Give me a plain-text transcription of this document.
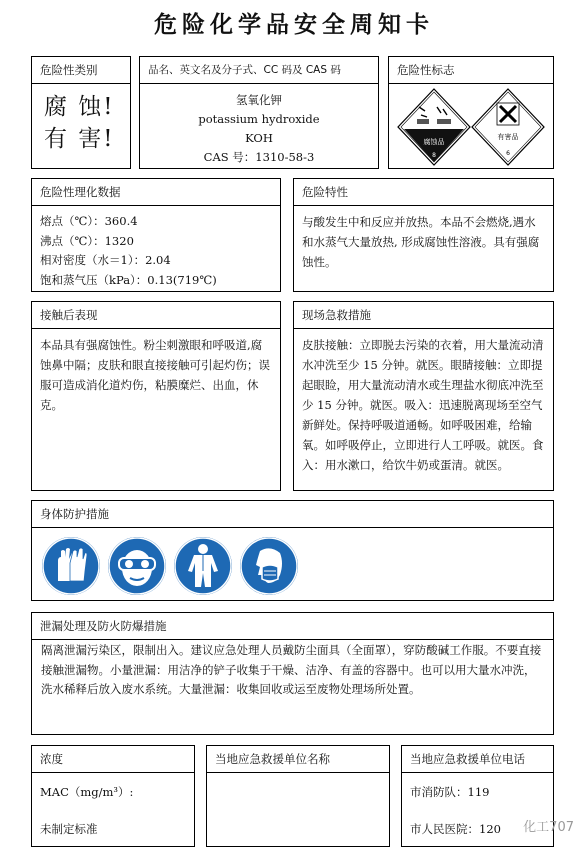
危险化学品安全周知卡
危险性类别
腐 蚀!
有 害!
品名、英文名及分子式、CC 码及 CAS 码
氢氧化钾
potassium hydroxide
KOH
CAS 号：1310-58-3
危险性标志
腐蚀品
8
有害品
6
危险性理化数据
熔点（℃）：360.4
沸点（℃）：1320
相对密度（水＝1）：2.04
饱和蒸气压（kPa）：0.13(719℃)
危险特性
与酸发生中和反应并放热。本品不会燃烧,遇水和水蒸气大量放热, 形成腐蚀性溶液。具有强腐蚀性。
接触后表现
本品具有强腐蚀性。粉尘刺激眼和呼吸道,腐蚀鼻中隔；皮肤和眼直接接触可引起灼伤；误服可造成消化道灼伤，粘膜糜烂、出血，休克。
现场急救措施
皮肤接触：立即脱去污染的衣着，用大量流动清水冲洗至少 15 分钟。就医。眼睛接触：立即提起眼睑，用大量流动清水或生理盐水彻底冲洗至少 15 分钟。就医。吸入：迅速脱离现场至空气新鲜处。保持呼吸道通畅。如呼吸困难，给输氧。如呼吸停止，立即进行人工呼吸。就医。食入：用水漱口，给饮牛奶或蛋清。就医。
身体防护措施
泄漏处理及防火防爆措施
隔离泄漏污染区，限制出入。建议应急处理人员戴防尘面具（全面罩），穿防酸碱工作服。不要直接接触泄漏物。小量泄漏：用洁净的铲子收集于干燥、洁净、有盖的容器中。也可以用大量水冲洗，洗水稀释后放入废水系统。大量泄漏：收集回收或运至废物处理场所处置。
浓度
MAC（mg/m³）:
未制定标准
当地应急救援单位名称	当地应急救援单位电话
市消防队：119
市人民医院：120	化工707
